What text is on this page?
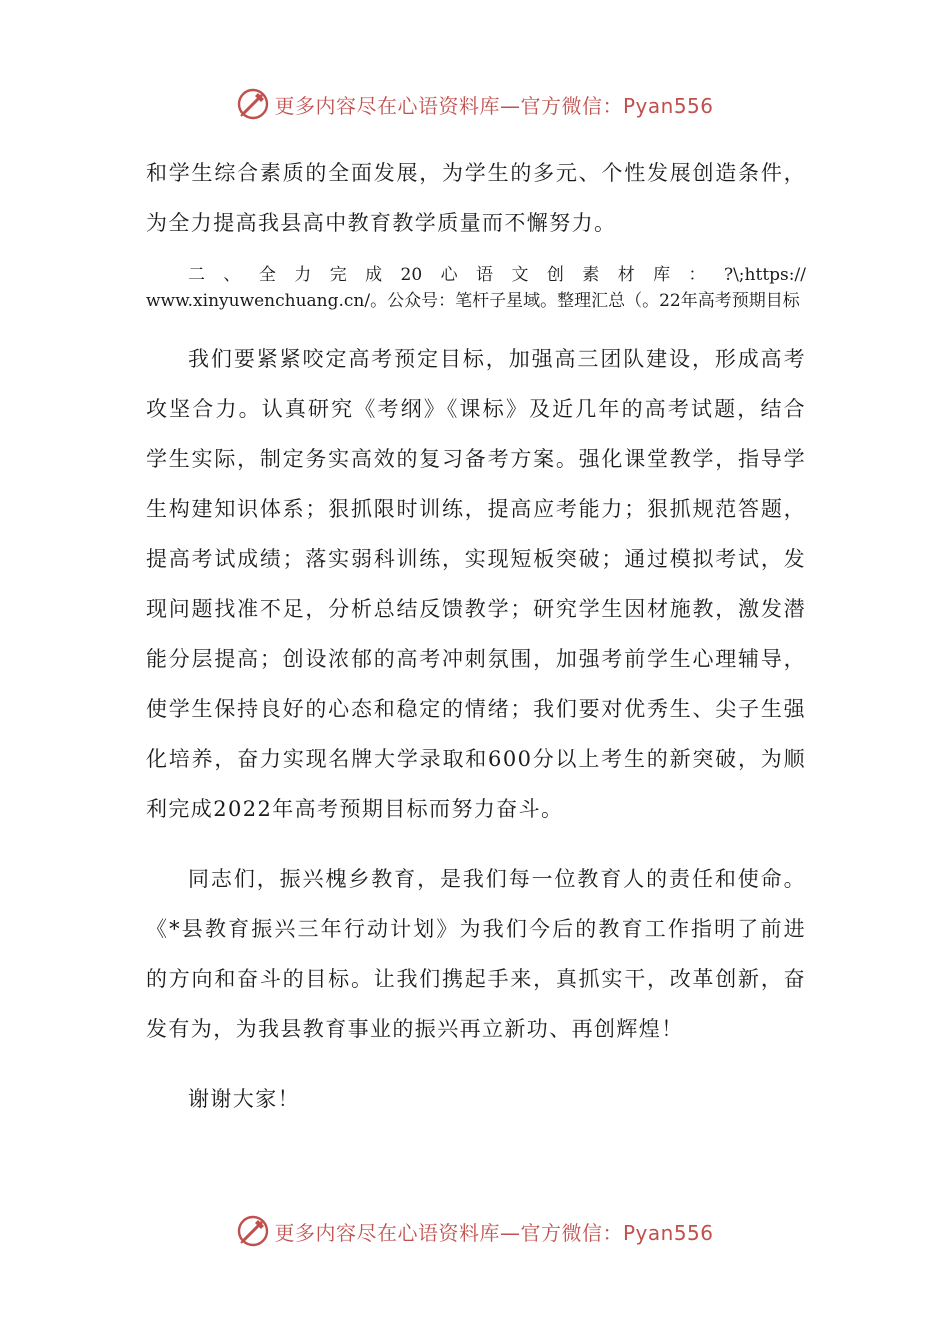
更多内容尽在心语资料库—官方微信：Pyan556

和学生综合素质的全面发展，为学生的多元、个性发展创造条件，为全力提高我县高中教育教学质量而不懈努力。

二 、 全 力 完 成 20 心 语 文 创 素 材 库 ： ?\;https://
www.xinyuwenchuang.cn/。公众号：笔杆子星域。整理汇总（。22年高考预期目标

我们要紧紧咬定高考预定目标，加强高三团队建设，形成高考攻坚合力。认真研究《考纲》《课标》及近几年的高考试题，结合学生实际，制定务实高效的复习备考方案。强化课堂教学，指导学生构建知识体系；狠抓限时训练，提高应考能力；狠抓规范答题，提高考试成绩；落实弱科训练，实现短板突破；通过模拟考试，发现问题找准不足，分析总结反馈教学；研究学生因材施教，激发潜能分层提高；创设浓郁的高考冲刺氛围，加强考前学生心理辅导，使学生保持良好的心态和稳定的情绪；我们要对优秀生、尖子生强化培养，奋力实现名牌大学录取和600分以上考生的新突破，为顺利完成2022年高考预期目标而努力奋斗。

同志们，振兴槐乡教育，是我们每一位教育人的责任和使命。《*县教育振兴三年行动计划》为我们今后的教育工作指明了前进的方向和奋斗的目标。让我们携起手来，真抓实干，改革创新，奋发有为，为我县教育事业的振兴再立新功、再创辉煌！

谢谢大家！

更多内容尽在心语资料库—官方微信：Pyan556
